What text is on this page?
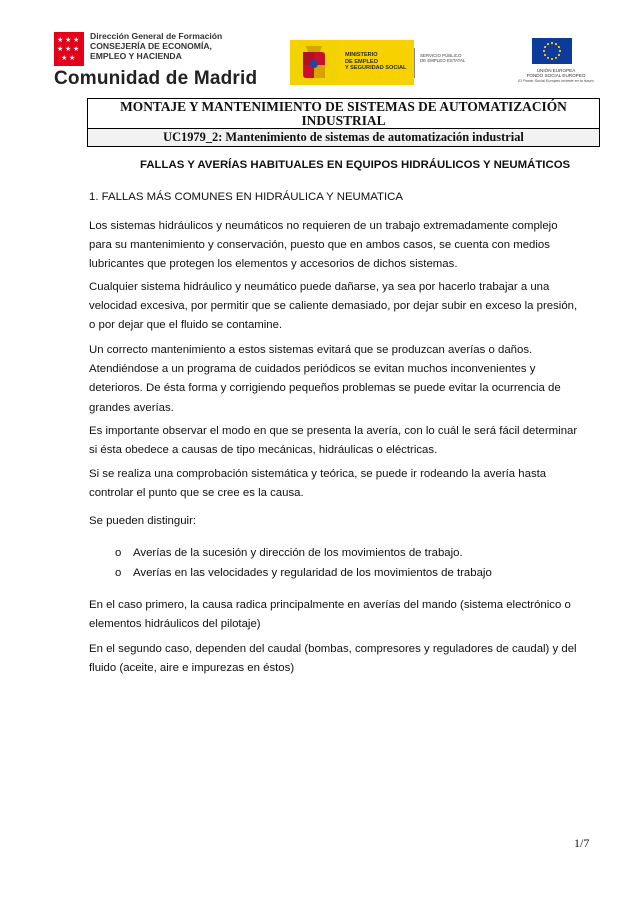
★ ★ ★
★ ★ ★
★ ★
Dirección General de Formación
CONSEJERÍA DE ECONOMÍA,
EMPLEO Y HACIENDA
Comunidad de Madrid
MINISTERIO
DE EMPLEO
Y SEGURIDAD SOCIAL
SERVICIO PÚBLICO
DE EMPLEO ESTATAL
UNIÓN EUROPEA
FONDO SOCIAL EUROPEO
El Fondo Social Europeo invierte en tu futuro
MONTAJE Y MANTENIMIENTO DE SISTEMAS DE AUTOMATIZACIÓN INDUSTRIAL
UC1979_2: Mantenimiento de sistemas de automatización industrial
FALLAS Y AVERÍAS HABITUALES EN EQUIPOS HIDRÁULICOS Y NEUMÁTICOS
1. FALLAS MÁS COMUNES EN HIDRÁULICA Y NEUMATICA
Los sistemas hidráulicos y neumáticos no requieren de un trabajo extremadamente complejo
para su mantenimiento y conservación, puesto que en ambos casos, se cuenta con medios
lubricantes que protegen los elementos y accesorios de dichos sistemas.
Cualquier sistema hidráulico y neumático puede dañarse, ya sea por hacerlo trabajar a una
velocidad excesiva, por permitir que se caliente demasiado, por dejar subir en exceso la presión,
o por dejar que el fluido se contamine.
Un correcto mantenimiento a estos sistemas evitará que se produzcan averías o daños.
Atendiéndose a un programa de cuidados periódicos se evitan muchos inconvenientes y
deterioros. De ésta forma y corrigiendo pequeños problemas se puede evitar la ocurrencia de
grandes averías.
Es importante observar el modo en que se presenta la avería, con lo cuál le será fácil determinar
si ésta obedece a causas de tipo mecánicas, hidráulicas o eléctricas.
Si se realiza una comprobación sistemática y teórica, se puede ir rodeando la avería hasta
controlar el punto que se cree es la causa.
Se pueden distinguir:
o Averías de la sucesión y dirección de los movimientos de trabajo.
o Averías en las velocidades y regularidad de los movimientos de trabajo
En el caso primero, la causa radica principalmente en averías del mando (sistema electrónico o
elementos hidráulicos del pilotaje)
En el segundo caso, dependen del caudal (bombas, compresores y reguladores de caudal) y del
fluido (aceite, aire e impurezas en éstos)
1/7
